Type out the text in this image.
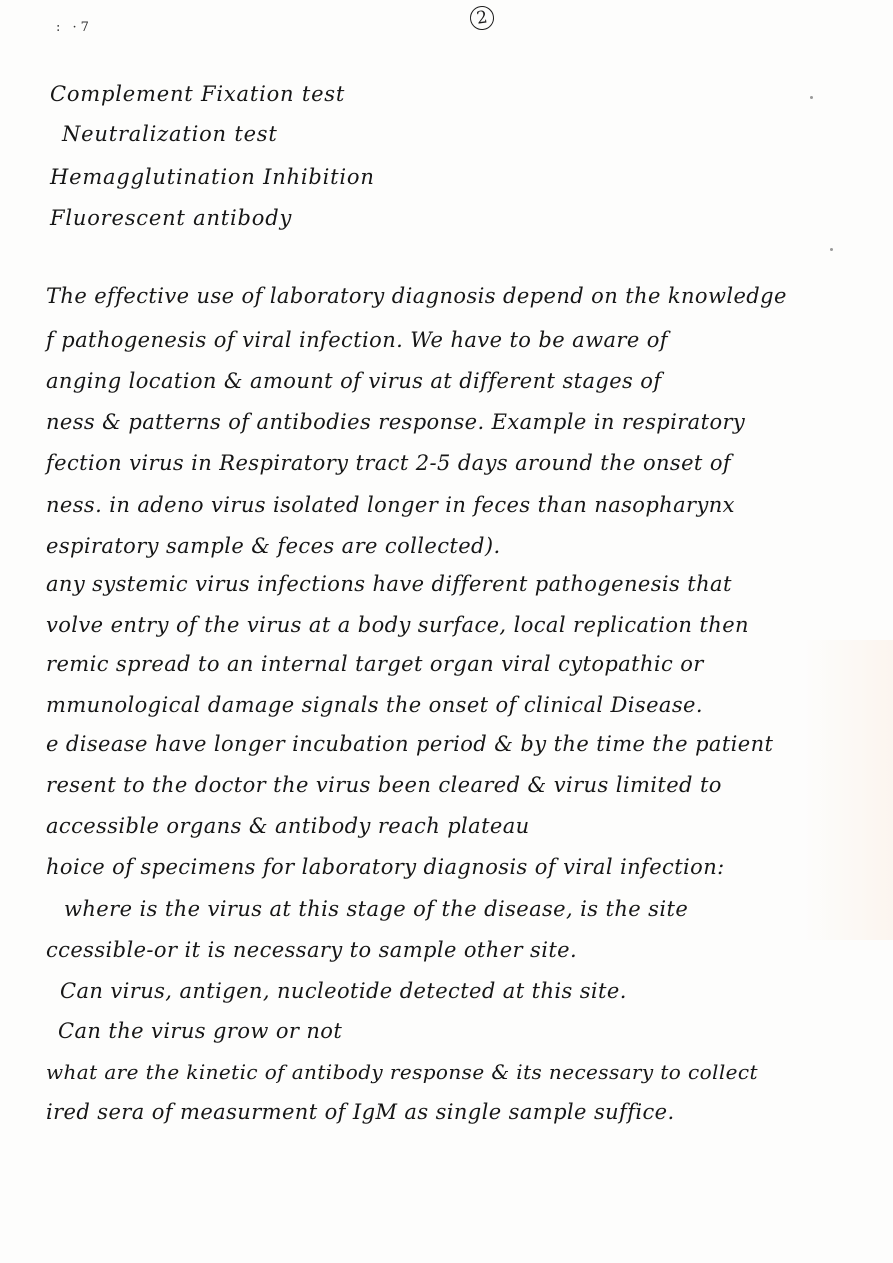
: ·7	2
Complement Fixation test
Neutralization test
Hemagglutination Inhibition
Fluorescent antibody
The effective use of laboratory diagnosis depend on the knowledge
f pathogenesis of viral infection. We have to be aware of
anging location & amount of virus at different stages of
ness & patterns of antibodies response. Example in respiratory
fection virus in Respiratory tract 2-5 days around the onset of
ness. in adeno virus isolated longer in feces than nasopharynx
espiratory sample & feces are collected).
any systemic virus infections have different pathogenesis that
volve entry of the virus at a body surface, local replication then
remic spread to an internal target organ viral cytopathic or
mmunological damage signals the onset of clinical Disease.
e disease have longer incubation period & by the time the patient
resent to the doctor the virus been cleared & virus limited to
accessible organs & antibody reach plateau
hoice of specimens for laboratory diagnosis of viral infection:
where is the virus at this stage of the disease, is the site
ccessible-or it is necessary to sample other site.
Can virus, antigen, nucleotide detected at this site.
Can the virus grow or not
what are the kinetic of antibody response & its necessary to collect
ired sera of measurment of IgM as single sample suffice.
